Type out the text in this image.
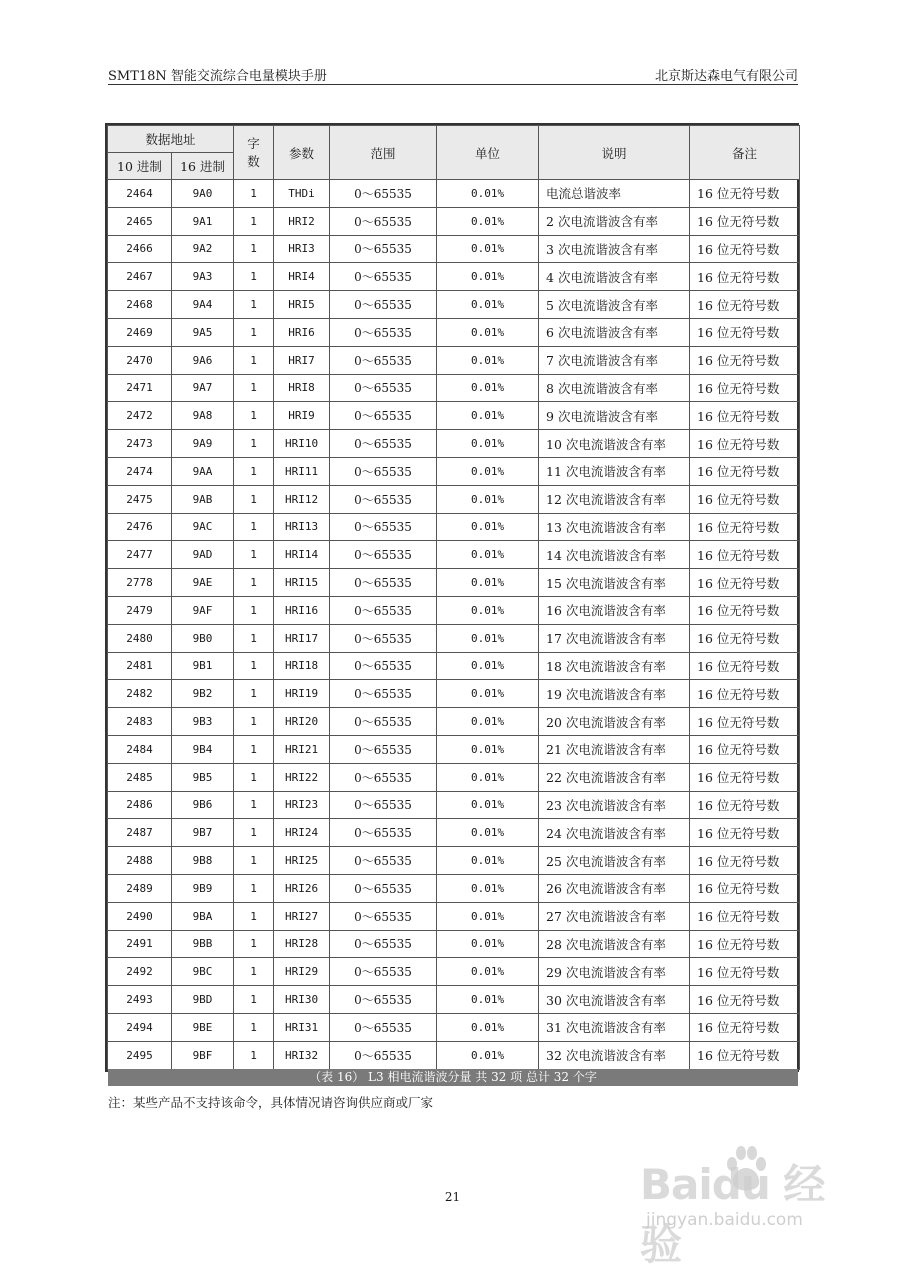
SMT18N 智能交流综合电量模块手册	北京斯达森电气有限公司
数据地址		字数	参数	范围	单位	说明	备注
10 进制	16 进制						
2464	9A0	1	THDi	0～65535	0.01%	电流总谐波率	16 位无符号数
2465	9A1	1	HRI2	0～65535	0.01%	2 次电流谐波含有率	16 位无符号数
2466	9A2	1	HRI3	0～65535	0.01%	3 次电流谐波含有率	16 位无符号数
2467	9A3	1	HRI4	0～65535	0.01%	4 次电流谐波含有率	16 位无符号数
2468	9A4	1	HRI5	0～65535	0.01%	5 次电流谐波含有率	16 位无符号数
2469	9A5	1	HRI6	0～65535	0.01%	6 次电流谐波含有率	16 位无符号数
2470	9A6	1	HRI7	0～65535	0.01%	7 次电流谐波含有率	16 位无符号数
2471	9A7	1	HRI8	0～65535	0.01%	8 次电流谐波含有率	16 位无符号数
2472	9A8	1	HRI9	0～65535	0.01%	9 次电流谐波含有率	16 位无符号数
2473	9A9	1	HRI10	0～65535	0.01%	10 次电流谐波含有率	16 位无符号数
2474	9AA	1	HRI11	0～65535	0.01%	11 次电流谐波含有率	16 位无符号数
2475	9AB	1	HRI12	0～65535	0.01%	12 次电流谐波含有率	16 位无符号数
2476	9AC	1	HRI13	0～65535	0.01%	13 次电流谐波含有率	16 位无符号数
2477	9AD	1	HRI14	0～65535	0.01%	14 次电流谐波含有率	16 位无符号数
2778	9AE	1	HRI15	0～65535	0.01%	15 次电流谐波含有率	16 位无符号数
2479	9AF	1	HRI16	0～65535	0.01%	16 次电流谐波含有率	16 位无符号数
2480	9B0	1	HRI17	0～65535	0.01%	17 次电流谐波含有率	16 位无符号数
2481	9B1	1	HRI18	0～65535	0.01%	18 次电流谐波含有率	16 位无符号数
2482	9B2	1	HRI19	0～65535	0.01%	19 次电流谐波含有率	16 位无符号数
2483	9B3	1	HRI20	0～65535	0.01%	20 次电流谐波含有率	16 位无符号数
2484	9B4	1	HRI21	0～65535	0.01%	21 次电流谐波含有率	16 位无符号数
2485	9B5	1	HRI22	0～65535	0.01%	22 次电流谐波含有率	16 位无符号数
2486	9B6	1	HRI23	0～65535	0.01%	23 次电流谐波含有率	16 位无符号数
2487	9B7	1	HRI24	0～65535	0.01%	24 次电流谐波含有率	16 位无符号数
2488	9B8	1	HRI25	0～65535	0.01%	25 次电流谐波含有率	16 位无符号数
2489	9B9	1	HRI26	0～65535	0.01%	26 次电流谐波含有率	16 位无符号数
2490	9BA	1	HRI27	0～65535	0.01%	27 次电流谐波含有率	16 位无符号数
2491	9BB	1	HRI28	0～65535	0.01%	28 次电流谐波含有率	16 位无符号数
2492	9BC	1	HRI29	0～65535	0.01%	29 次电流谐波含有率	16 位无符号数
2493	9BD	1	HRI30	0～65535	0.01%	30 次电流谐波含有率	16 位无符号数
2494	9BE	1	HRI31	0～65535	0.01%	31 次电流谐波含有率	16 位无符号数
2495	9BF	1	HRI32	0～65535	0.01%	32 次电流谐波含有率	16 位无符号数
（表 16） L3 相电流谐波分量 共 32 项 总计 32 个字
注：某些产品不支持该命令，具体情况请咨询供应商或厂家
21	Baidu 经验
jingyan.baidu.com
